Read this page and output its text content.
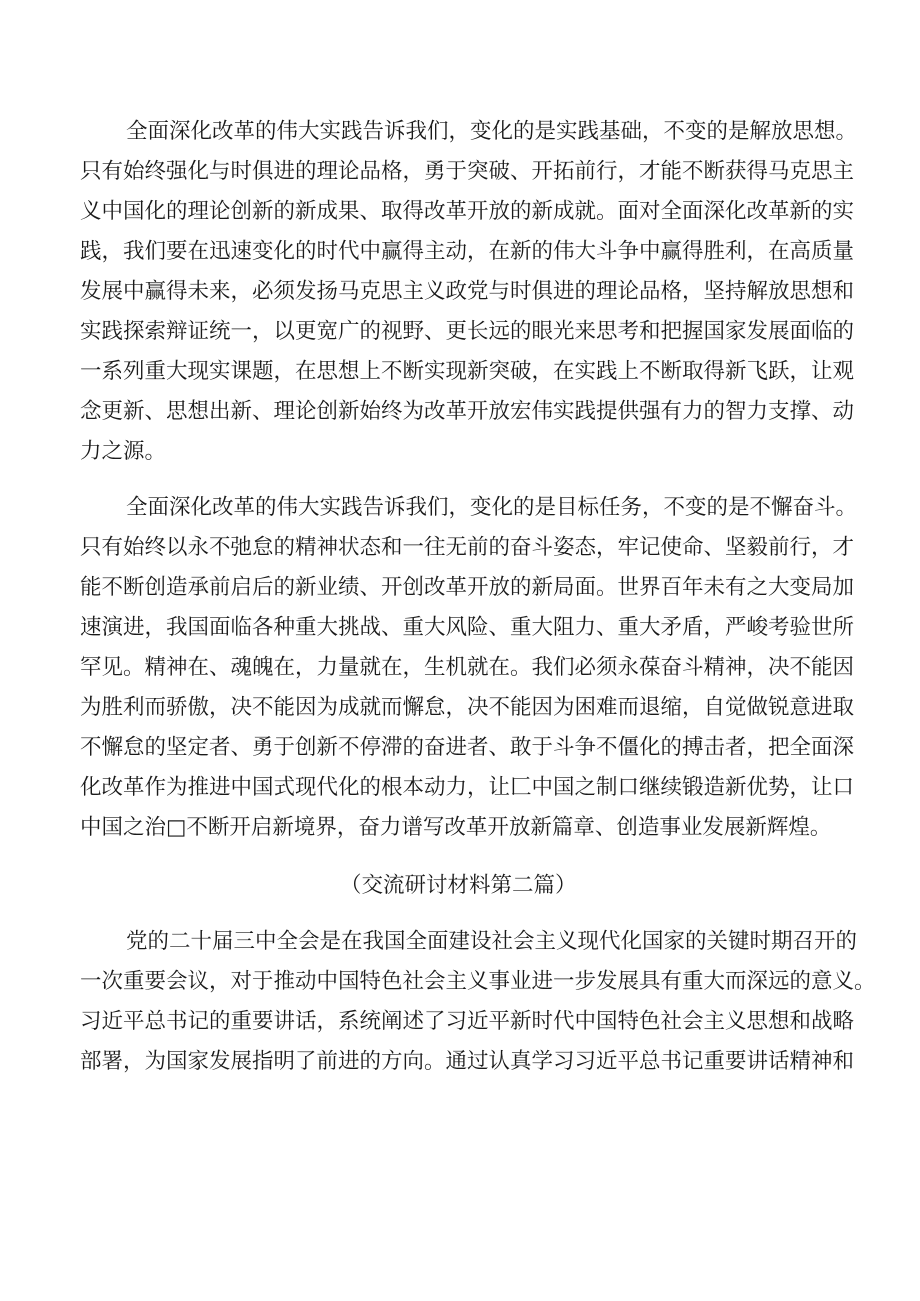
全面深化改革的伟大实践告诉我们，变化的是实践基础，不变的是解放思想。
只有始终强化与时俱进的理论品格，勇于突破、开拓前行，才能不断获得马克思主
义中国化的理论创新的新成果、取得改革开放的新成就。面对全面深化改革新的实
践，我们要在迅速变化的时代中赢得主动，在新的伟大斗争中赢得胜利，在高质量
发展中赢得未来，必须发扬马克思主义政党与时俱进的理论品格，坚持解放思想和
实践探索辩证统一，以更宽广的视野、更长远的眼光来思考和把握国家发展面临的
一系列重大现实课题，在思想上不断实现新突破，在实践上不断取得新飞跃，让观
念更新、思想出新、理论创新始终为改革开放宏伟实践提供强有力的智力支撑、动
力之源。
全面深化改革的伟大实践告诉我们，变化的是目标任务，不变的是不懈奋斗。
只有始终以永不弛怠的精神状态和一往无前的奋斗姿态，牢记使命、坚毅前行，才
能不断创造承前启后的新业绩、开创改革开放的新局面。世界百年未有之大变局加
速演进，我国面临各种重大挑战、重大风险、重大阻力、重大矛盾，严峻考验世所
罕见。精神在、魂魄在，力量就在，生机就在。我们必须永葆奋斗精神，决不能因
为胜利而骄傲，决不能因为成就而懈怠，决不能因为困难而退缩，自觉做锐意进取
不懈怠的坚定者、勇于创新不停滞的奋进者、敢于斗争不僵化的搏击者，把全面深
化改革作为推进中国式现代化的根本动力，让匚中国之制口继续锻造新优势，让口
中国之治□不断开启新境界，奋力谱写改革开放新篇章、创造事业发展新辉煌。
（交流研讨材料第二篇）
党的二十届三中全会是在我国全面建设社会主义现代化国家的关键时期召开的
一次重要会议，对于推动中国特色社会主义事业进一步发展具有重大而深远的意义。
习近平总书记的重要讲话，系统阐述了习近平新时代中国特色社会主义思想和战略
部署，为国家发展指明了前进的方向。通过认真学习习近平总书记重要讲话精神和
